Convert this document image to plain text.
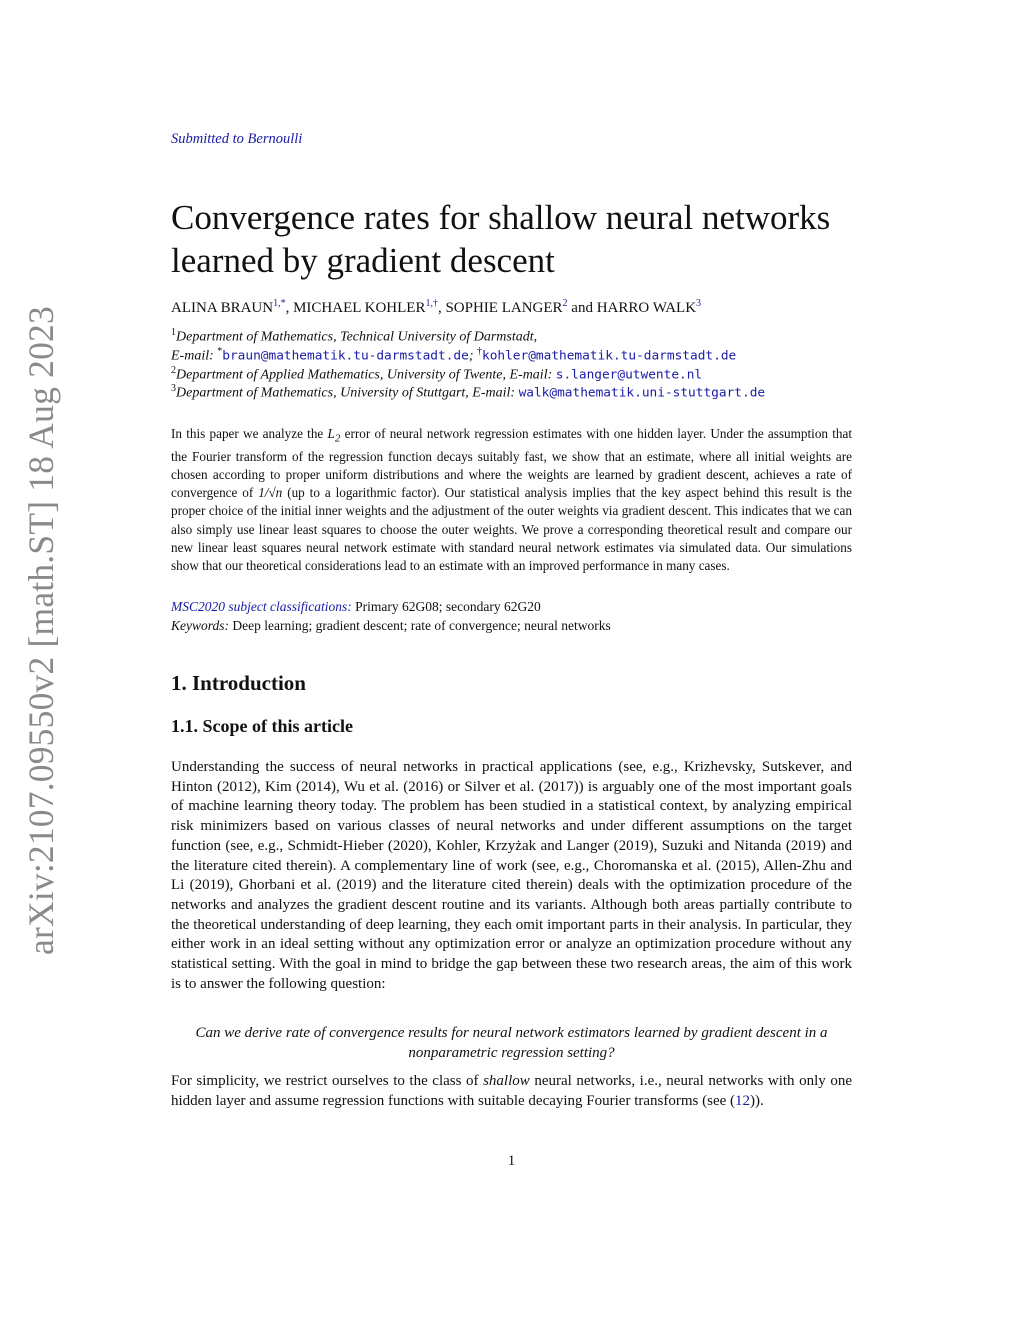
arXiv:2107.09550v2 [math.ST] 18 Aug 2023
Submitted to Bernoulli
Convergence rates for shallow neural networks learned by gradient descent
ALINA $BRAUN^{1,*}$, MICHAEL $KOHLER^{1,\dagger}$, SOPHIE LANGER$^2$ and HARRO WALK$^3$
$^1$Department of Mathematics, Technical University of Darmstadt,
E-mail: *braun@mathematik.tu-darmstadt.de; †kohler@mathematik.tu-darmstadt.de
$^2$Department of Applied Mathematics, University of Twente, E-mail: s.langer@utwente.nl
$^3$Department of Mathematics, University of Stuttgart, E-mail: walk@mathematik.uni-stuttgart.de

In this paper we analyze the $L_2$ error of neural network regression estimates with one hidden layer. Under the assumption that the Fourier transform of the regression function decays suitably fast, we show that an estimate, where all initial weights are chosen according to proper uniform distributions and where the weights are learned by gradient descent, achieves a rate of convergence of 1/√n (up to a logarithmic factor). Our statistical analysis implies that the key aspect behind this result is the proper choice of the initial inner weights and the adjustment of the outer weights via gradient descent. This indicates that we can also simply use linear least squares to choose the outer weights. We prove a corresponding theoretical result and compare our new linear least squares neural network estimate with standard neural network estimates via simulated data. Our simulations show that our theoretical considerations lead to an estimate with an improved performance in many cases.

MSC2020 subject classifications: Primary 62G08; secondary 62G20
Keywords: Deep learning; gradient descent; rate of convergence; neural networks
1. Introduction
1.1. Scope of this article

Understanding the success of neural networks in practical applications (see, e.g., Krizhevsky, Sutskever, and Hinton (2012), Kim (2014), Wu et al. (2016) or Silver et al. (2017)) is arguably one of the most important goals of machine learning theory today. The problem has been studied in a statistical context, by analyzing empirical risk minimizers based on various classes of neural networks and under different assumptions on the target function (see, e.g., Schmidt-Hieber (2020), Kohler, Krzyżak and Langer (2019), Suzuki and Nitanda (2019) and the literature cited therein). A complementary line of work (see, e.g., Choromanska et al. (2015), Allen-Zhu and Li (2019), Ghorbani et al. (2019) and the literature cited therein) deals with the optimization procedure of the networks and analyzes the gradient descent routine and its variants. Although both areas partially contribute to the theoretical understanding of deep learning, they each omit important parts in their analysis. In particular, they either work in an ideal setting without any optimization error or analyze an optimization procedure without any statistical setting. With the goal in mind to bridge the gap between these two research areas, the aim of this work is to answer the following question:

Can we derive rate of convergence results for neural network estimators learned by gradient descent in a nonparametric regression setting?

For simplicity, we restrict ourselves to the class of shallow neural networks, i.e., neural networks with only one hidden layer and assume regression functions with suitable decaying Fourier transforms (see (12)).

1
